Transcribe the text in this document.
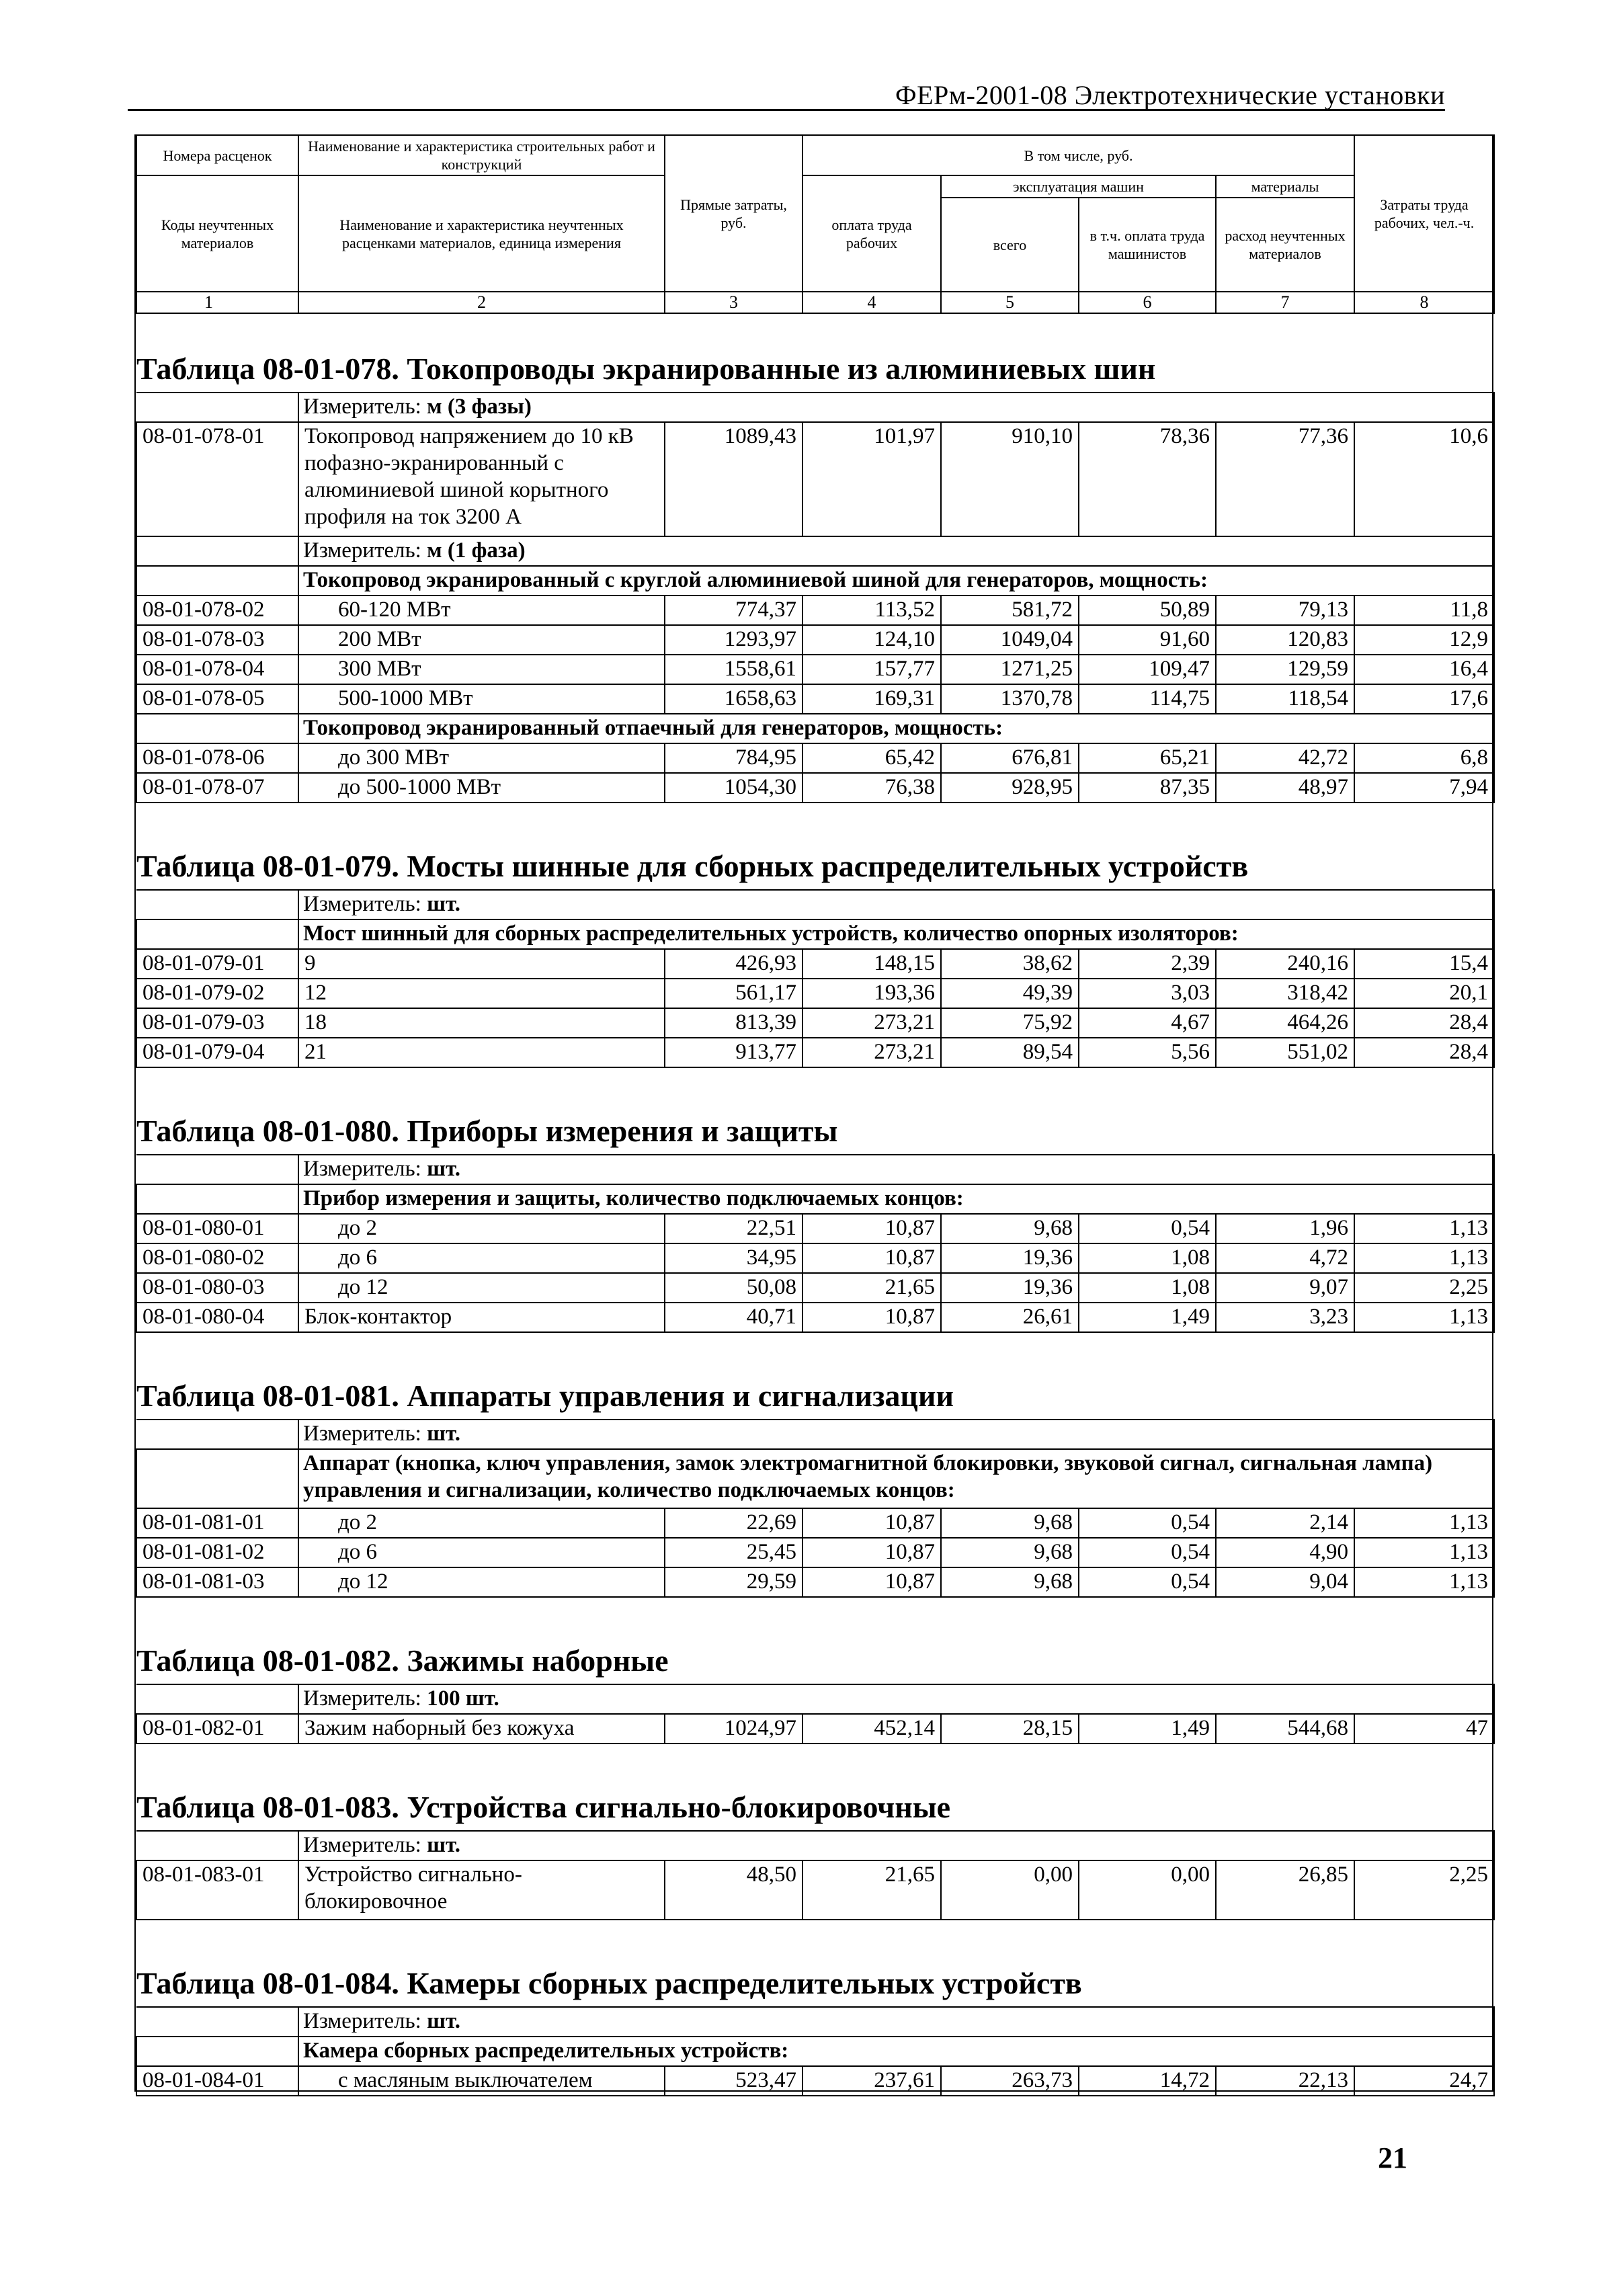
ФЕРм-2001-08 Электротехнические установки
Номера расценок	Наименование и характеристика строительных работ и конструкций	Прямые затраты, руб.	В том числе, руб.				Затраты труда рабочих, чел.-ч.
Коды неучтенных материалов	Наименование и характеристика неучтенных расценками материалов, единица измерения		оплата труда рабочих	эксплуатация машин		материалы	
				всего	в т.ч. оплата труда машинистов	расход неучтенных материалов	
1	2	3	4	5	6	7	8
Таблица 08-01-078. Токопроводы экранированные из алюминиевых шин							
	Измеритель: м (3 фазы)						
08-01-078-01	Токопровод напряжением до 10 кВ пофазно-экранированный с алюминиевой шиной корытного профиля на ток 3200 А	1089,43	101,97	910,10	78,36	77,36	10,6
	Измеритель: м (1 фаза)						
	Токопровод экранированный с круглой алюминиевой шиной для генераторов, мощность:						
08-01-078-02	60-120 МВт	774,37	113,52	581,72	50,89	79,13	11,8
08-01-078-03	200 МВт	1293,97	124,10	1049,04	91,60	120,83	12,9
08-01-078-04	300 МВт	1558,61	157,77	1271,25	109,47	129,59	16,4
08-01-078-05	500-1000 МВт	1658,63	169,31	1370,78	114,75	118,54	17,6
	Токопровод экранированный отпаечный для генераторов, мощность:						
08-01-078-06	до 300 МВт	784,95	65,42	676,81	65,21	42,72	6,8
08-01-078-07	до 500-1000 МВт	1054,30	76,38	928,95	87,35	48,97	7,94
Таблица 08-01-079. Мосты шинные для сборных распределительных устройств							
	Измеритель: шт.						
	Мост шинный для сборных распределительных устройств, количество опорных изоляторов:						
08-01-079-01	9	426,93	148,15	38,62	2,39	240,16	15,4
08-01-079-02	12	561,17	193,36	49,39	3,03	318,42	20,1
08-01-079-03	18	813,39	273,21	75,92	4,67	464,26	28,4
08-01-079-04	21	913,77	273,21	89,54	5,56	551,02	28,4
Таблица 08-01-080. Приборы измерения и защиты							
	Измеритель: шт.						
	Прибор измерения и защиты, количество подключаемых концов:						
08-01-080-01	до 2	22,51	10,87	9,68	0,54	1,96	1,13
08-01-080-02	до 6	34,95	10,87	19,36	1,08	4,72	1,13
08-01-080-03	до 12	50,08	21,65	19,36	1,08	9,07	2,25
08-01-080-04	Блок-контактор	40,71	10,87	26,61	1,49	3,23	1,13
Таблица 08-01-081. Аппараты управления и сигнализации							
	Измеритель: шт.						
	Аппарат (кнопка, ключ управления, замок электромагнитной блокировки, звуковой сигнал, сигнальная лампа) управления и сигнализации, количество подключаемых концов:						
08-01-081-01	до 2	22,69	10,87	9,68	0,54	2,14	1,13
08-01-081-02	до 6	25,45	10,87	9,68	0,54	4,90	1,13
08-01-081-03	до 12	29,59	10,87	9,68	0,54	9,04	1,13
Таблица 08-01-082. Зажимы наборные							
	Измеритель: 100 шт.						
08-01-082-01	Зажим наборный без кожуха	1024,97	452,14	28,15	1,49	544,68	47
Таблица 08-01-083. Устройства сигнально-блокировочные							
	Измеритель: шт.						
08-01-083-01	Устройство сигнально-блокировочное	48,50	21,65	0,00	0,00	26,85	2,25
Таблица 08-01-084. Камеры сборных распределительных устройств							
	Измеритель: шт.						
	Камера сборных распределительных устройств:						
08-01-084-01	с масляным выключателем	523,47	237,61	263,73	14,72	22,13	24,7
21
